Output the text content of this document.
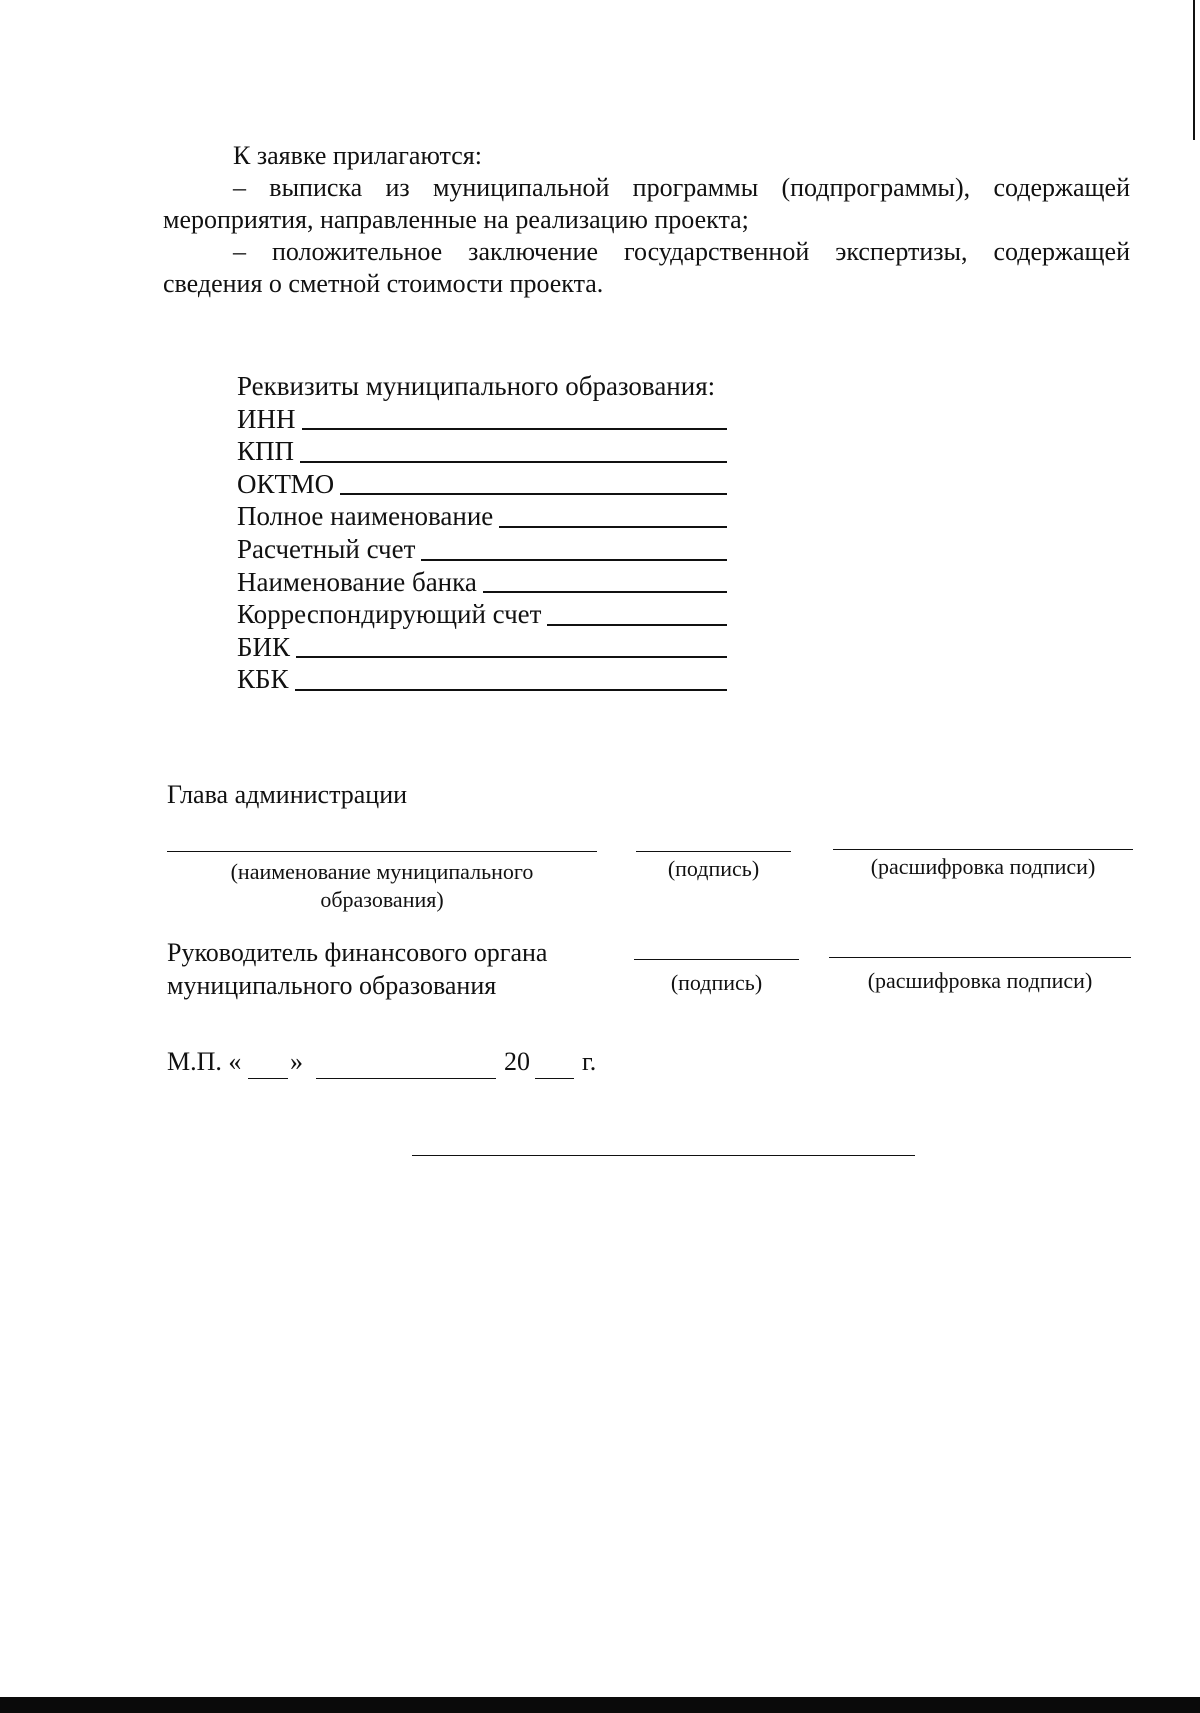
К заявке прилагаются:

– выписка из муниципальной программы (подпрограммы), содержащей мероприятия, направленные на реализацию проекта;

– положительное заключение государственной экспертизы, содержащей сведения о сметной стоимости проекта.

Реквизиты муниципального образования:
ИНН
КПП
ОКТМО
Полное наименование
Расчетный счет
Наименование банка
Корреспондирующий счет
БИК
КБК
Глава администрации
(наименование муниципального
образования)
(подпись)	(расшифровка подписи)
Руководитель финансового органа
муниципального образования	(подпись)	(расшифровка подписи)
М.П. « »	20 г.
